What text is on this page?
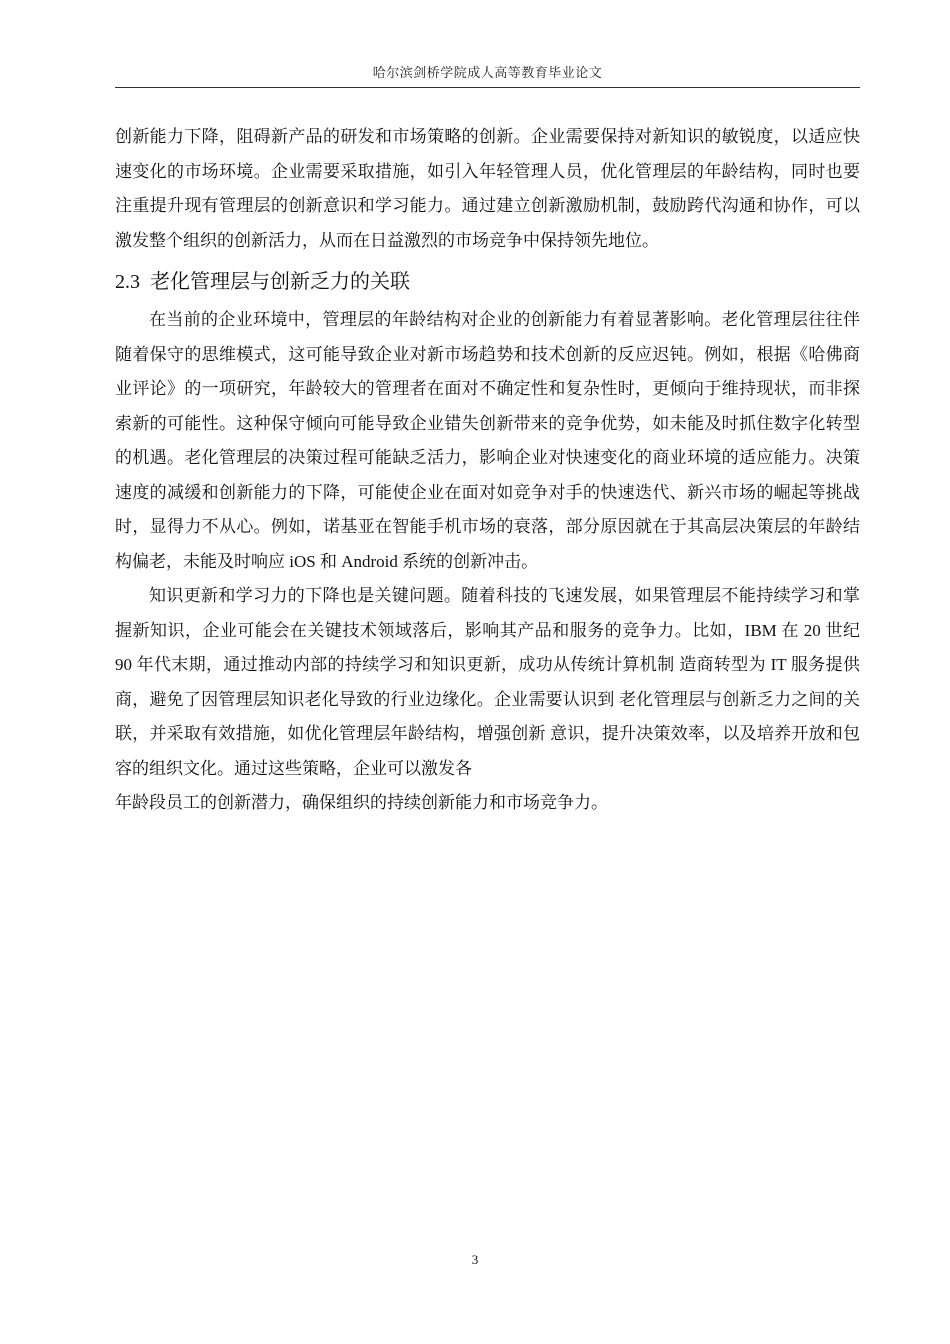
哈尔滨剑桥学院成人高等教育毕业论文

创新能力下降，阻碍新产品的研发和市场策略的创新。企业需要保持对新知识的敏锐度，以适应快速变化的市场环境。企业需要采取措施，如引入年轻管理人员，优化管理层的年龄结构，同时也要注重提升现有管理层的创新意识和学习能力。通过建立创新激励机制，鼓励跨代沟通和协作，可以激发整个组织的创新活力，从而在日益激烈的市场竞争中保持领先地位。

2.3 老化管理层与创新乏力的关联

在当前的企业环境中，管理层的年龄结构对企业的创新能力有着显著影响。老化管理层往往伴随着保守的思维模式，这可能导致企业对新市场趋势和技术创新的反应迟钝。例如，根据《哈佛商业评论》的一项研究，年龄较大的管理者在面对不确定性和复杂性时，更倾向于维持现状，而非探索新的可能性。这种保守倾向可能导致企业错失创新带来的竞争优势，如未能及时抓住数字化转型的机遇。老化管理层的决策过程可能缺乏活力，影响企业对快速变化的商业环境的适应能力。决策速度的减缓和创新能力的下降，可能使企业在面对如竞争对手的快速迭代、新兴市场的崛起等挑战时，显得力不从心。例如，诺基亚在智能手机市场的衰落，部分原因就在于其高层决策层的年龄结构偏老，未能及时响应 iOS 和 Android 系统的创新冲击。

知识更新和学习力的下降也是关键问题。随着科技的飞速发展，如果管理层不能持续学习和掌握新知识，企业可能会在关键技术领域落后，影响其产品和服务的竞争力。比如，IBM 在 20 世纪 90 年代末期，通过推动内部的持续学习和知识更新，成功从传统计算机制 造商转型为 IT 服务提供商，避免了因管理层知识老化导致的行业边缘化。企业需要认识到 老化管理层与创新乏力之间的关联，并采取有效措施，如优化管理层年龄结构，增强创新 意识，提升决策效率，以及培养开放和包容的组织文化。通过这些策略，企业可以激发各

年龄段员工的创新潜力，确保组织的持续创新能力和市场竞争力。

3
